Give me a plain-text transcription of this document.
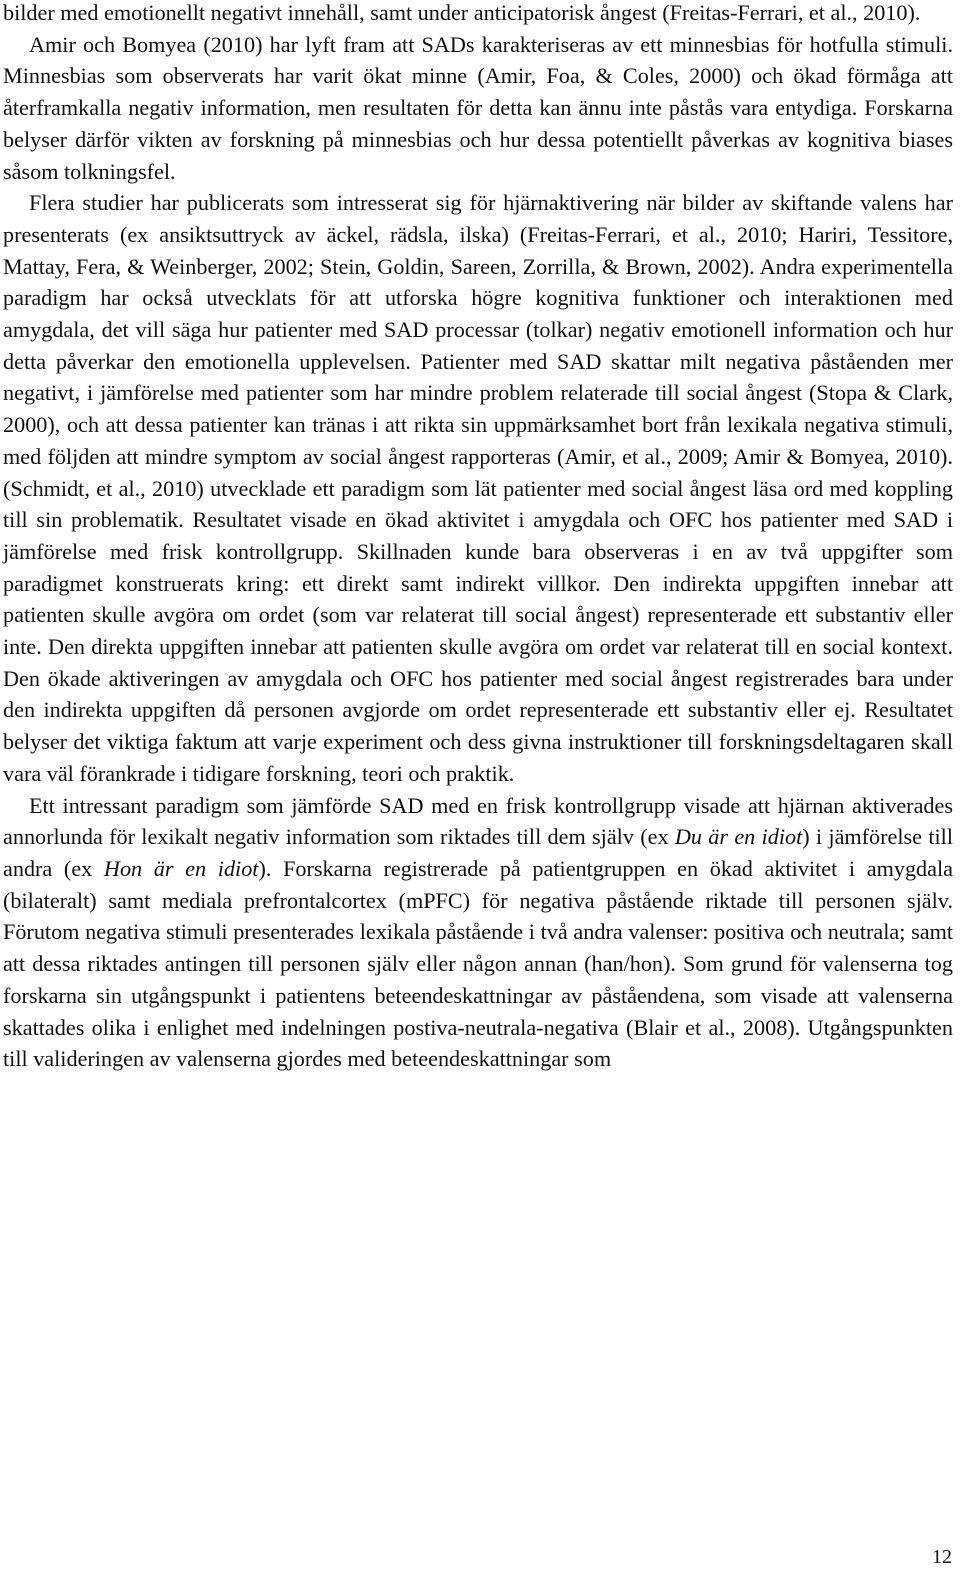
bilder med emotionellt negativt innehåll, samt under anticipatorisk ångest (Freitas-Ferrari, et al., 2010).

Amir och Bomyea (2010) har lyft fram att SADs karakteriseras av ett minnesbias för hotfulla stimuli. Minnesbias som observerats har varit ökat minne (Amir, Foa, & Coles, 2000) och ökad förmåga att återframkalla negativ information, men resultaten för detta kan ännu inte påstås vara entydiga. Forskarna belyser därför vikten av forskning på minnesbias och hur dessa potentiellt påverkas av kognitiva biases såsom tolkningsfel.

Flera studier har publicerats som intresserat sig för hjärnaktivering när bilder av skiftande valens har presenterats (ex ansiktsuttryck av äckel, rädsla, ilska) (Freitas-Ferrari, et al., 2010; Hariri, Tessitore, Mattay, Fera, & Weinberger, 2002; Stein, Goldin, Sareen, Zorrilla, & Brown, 2002). Andra experimentella paradigm har också utvecklats för att utforska högre kognitiva funktioner och interaktionen med amygdala, det vill säga hur patienter med SAD processar (tolkar) negativ emotionell information och hur detta påverkar den emotionella upplevelsen. Patienter med SAD skattar milt negativa påståenden mer negativt, i jämförelse med patienter som har mindre problem relaterade till social ångest (Stopa & Clark, 2000), och att dessa patienter kan tränas i att rikta sin uppmärksamhet bort från lexikala negativa stimuli, med följden att mindre symptom av social ångest rapporteras (Amir, et al., 2009; Amir & Bomyea, 2010). (Schmidt, et al., 2010) utvecklade ett paradigm som lät patienter med social ångest läsa ord med koppling till sin problematik. Resultatet visade en ökad aktivitet i amygdala och OFC hos patienter med SAD i jämförelse med frisk kontrollgrupp. Skillnaden kunde bara observeras i en av två uppgifter som paradigmet konstruerats kring: ett direkt samt indirekt villkor. Den indirekta uppgiften innebar att patienten skulle avgöra om ordet (som var relaterat till social ångest) representerade ett substantiv eller inte. Den direkta uppgiften innebar att patienten skulle avgöra om ordet var relaterat till en social kontext. Den ökade aktiveringen av amygdala och OFC hos patienter med social ångest registrerades bara under den indirekta uppgiften då personen avgjorde om ordet representerade ett substantiv eller ej. Resultatet belyser det viktiga faktum att varje experiment och dess givna instruktioner till forskningsdeltagaren skall vara väl förankrade i tidigare forskning, teori och praktik.

Ett intressant paradigm som jämförde SAD med en frisk kontrollgrupp visade att hjärnan aktiverades annorlunda för lexikalt negativ information som riktades till dem själv (ex Du är en idiot) i jämförelse till andra (ex Hon är en idiot). Forskarna registrerade på patientgruppen en ökad aktivitet i amygdala (bilateralt) samt mediala prefrontalcortex (mPFC) för negativa påstående riktade till personen själv. Förutom negativa stimuli presenterades lexikala påstående i två andra valenser: positiva och neutrala; samt att dessa riktades antingen till personen själv eller någon annan (han/hon). Som grund för valenserna tog forskarna sin utgångspunkt i patientens beteendeskattningar av påståendena, som visade att valenserna skattades olika i enlighet med indelningen postiva-neutrala-negativa (Blair et al., 2008). Utgångspunkten till valideringen av valenserna gjordes med beteendeskattningar som

12
